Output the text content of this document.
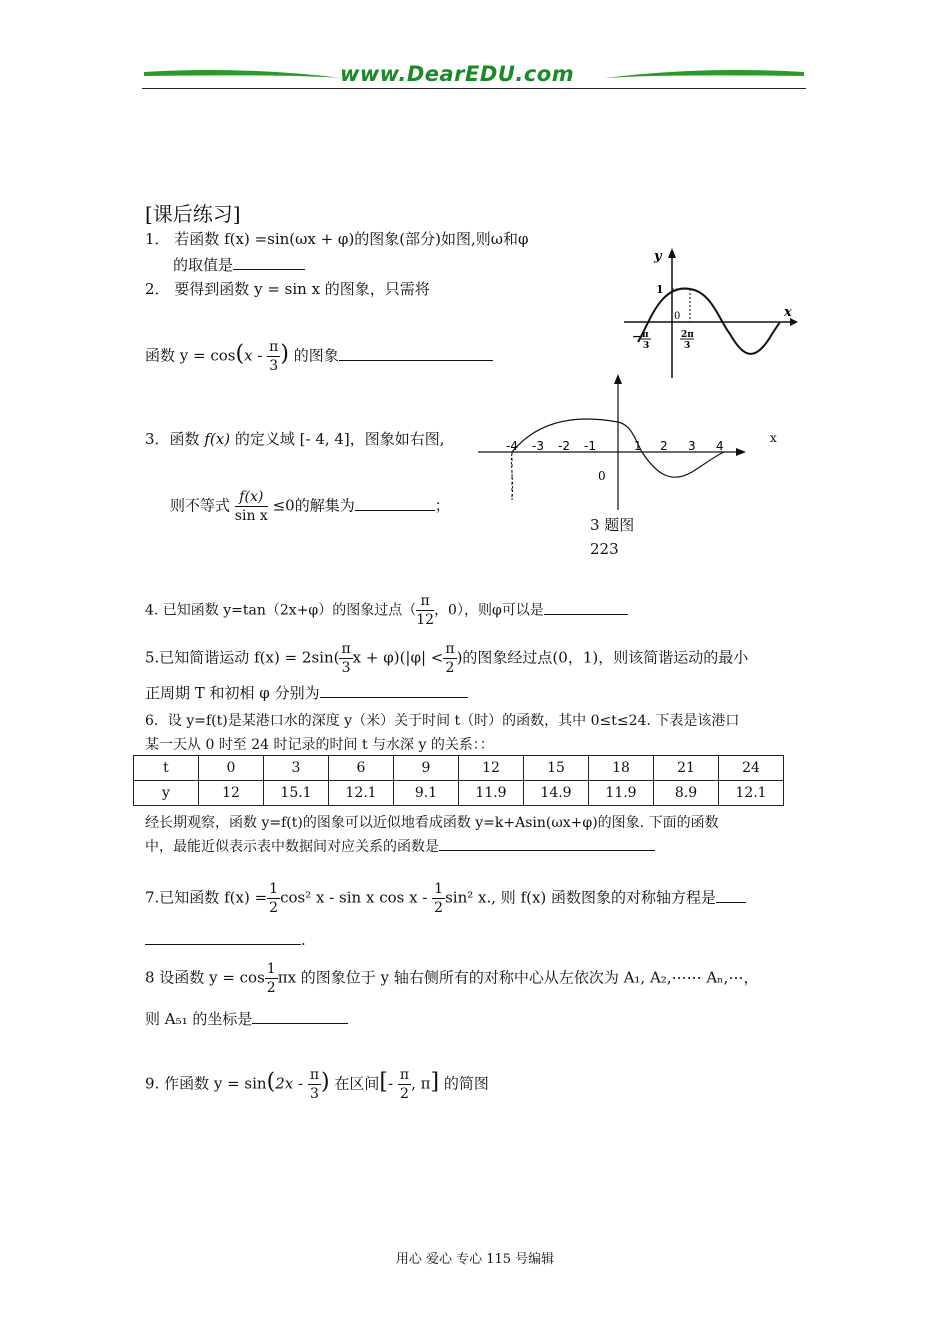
www.DearEDU.com
[课后练习]
1． 若函数 f(x) =sin(ωx + φ)的图象(部分)如图,则ω和φ
的取值是
x
y
1
0
π
−
3
2π
3
2． 要得到函数 y = sin x 的图象，只需将
函数 $y = \cos(x - \frac{\pi}{3}$ ) 的图象
-4 -3 -2 -1	1 2 3 4
x
0
3 题图
223
3．函数 f(x) 的定义域 [- 4, 4]，图象如右图,
则不等式 $\frac{f(x)}{\text{sin x}} \le 0$的解集为	；
4. 已知函数 y=tan（2x+φ）的图象过点（ $\frac{\pi}{12}$ ，0），则φ可以是
5.已知简谐运动 $f(x) = 2\sin( \frac{\pi}{3}$ $x + \varphi)(|\varphi| < \frac{\pi}{2}$ )的图象经过点(0，1)，则该简谐运动的最小
正周期 T 和初相 φ 分别为
6．设 y=f(t)是某港口水的深度 y（米）关于时间 t（时）的函数，其中 0≤t≤24. 下表是该港口
某一天从 0 时至 24 时记录的时间 t 与水深 y 的关系：：
t	0	3	6	9	12	15	18	21	24
y	12	15.1	12.1	9.1	11.9	14.9	11.9	8.9	12.1
经长期观察，函数 y=f(t)的图象可以近似地看成函数 y=k+Asin(ωx+φ)的图象. 下面的函数
中，最能近似表示表中数据间对应关系的函数是
7.已知函数 $f(x) = \frac{1}{2} \cos^2$ x - sin x cos x - $\frac{1}{2} \sin^2$ x., 则 f(x) 函数图象的对称轴方程是
.
8 设函数 $y = \cos \frac{1}{2}$ πx 的图象位于 y 轴右侧所有的对称中心从左依次为 A₁, A₂,⋯⋯ Aₙ,⋯，
则 A₅₁ 的坐标是
9. 作函数 $y = \sin(2x - \frac{\pi}{3}$ ) 在区间[- $\frac{\pi}{2}$ , π] 的简图
用心 爱心 专心 115 号编辑
